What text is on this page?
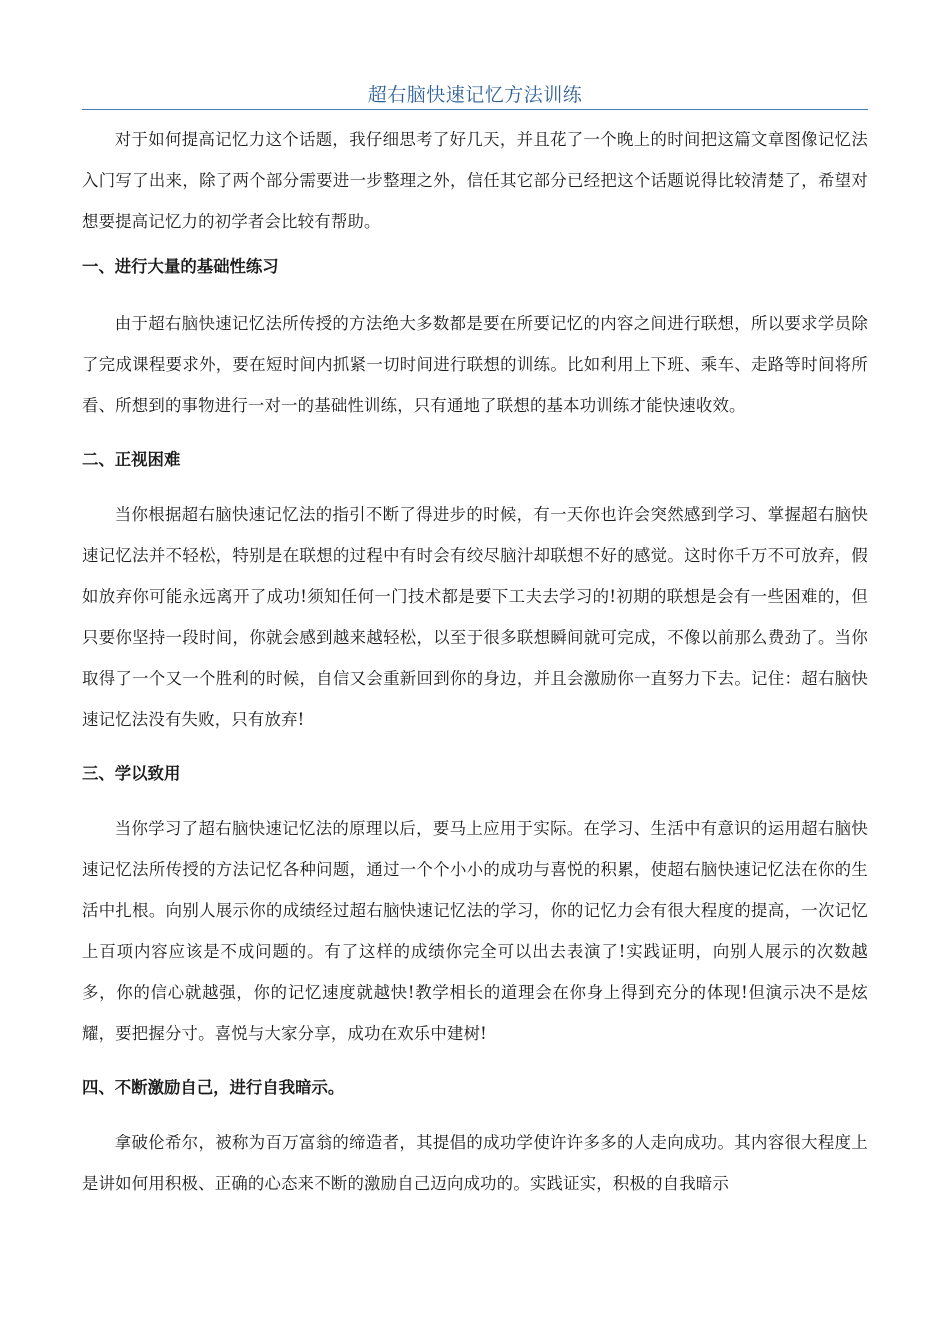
超右脑快速记忆方法训练

对于如何提高记忆力这个话题，我仔细思考了好几天，并且花了一个晚上的时间把这篇文章图像记忆法入门写了出来，除了两个部分需要进一步整理之外，信任其它部分已经把这个话题说得比较清楚了，希望对想要提高记忆力的初学者会比较有帮助。

一、进行大量的基础性练习

由于超右脑快速记忆法所传授的方法绝大多数都是要在所要记忆的内容之间进行联想，所以要求学员除了完成课程要求外，要在短时间内抓紧一切时间进行联想的训练。比如利用上下班、乘车、走路等时间将所看、所想到的事物进行一对一的基础性训练，只有通地了联想的基本功训练才能快速收效。

二、正视困难

当你根据超右脑快速记忆法的指引不断了得进步的时候，有一天你也许会突然感到学习、掌握超右脑快速记忆法并不轻松，特别是在联想的过程中有时会有绞尽脑汁却联想不好的感觉。这时你千万不可放弃，假如放弃你可能永远离开了成功!须知任何一门技术都是要下工夫去学习的!初期的联想是会有一些困难的，但只要你坚持一段时间，你就会感到越来越轻松，以至于很多联想瞬间就可完成，不像以前那么费劲了。当你取得了一个又一个胜利的时候，自信又会重新回到你的身边，并且会激励你一直努力下去。记住：超右脑快速记忆法没有失败，只有放弃!

三、学以致用

当你学习了超右脑快速记忆法的原理以后，要马上应用于实际。在学习、生活中有意识的运用超右脑快速记忆法所传授的方法记忆各种问题，通过一个个小小的成功与喜悦的积累，使超右脑快速记忆法在你的生活中扎根。向别人展示你的成绩经过超右脑快速记忆法的学习，你的记忆力会有很大程度的提高，一次记忆上百项内容应该是不成问题的。有了这样的成绩你完全可以出去表演了!实践证明，向别人展示的次数越多，你的信心就越强，你的记忆速度就越快!教学相长的道理会在你身上得到充分的体现!但演示决不是炫耀，要把握分寸。喜悦与大家分享，成功在欢乐中建树!

四、不断激励自己，进行自我暗示。

拿破伦希尔，被称为百万富翁的缔造者，其提倡的成功学使许许多多的人走向成功。其内容很大程度上是讲如何用积极、正确的心态来不断的激励自己迈向成功的。实践证实，积极的自我暗示
